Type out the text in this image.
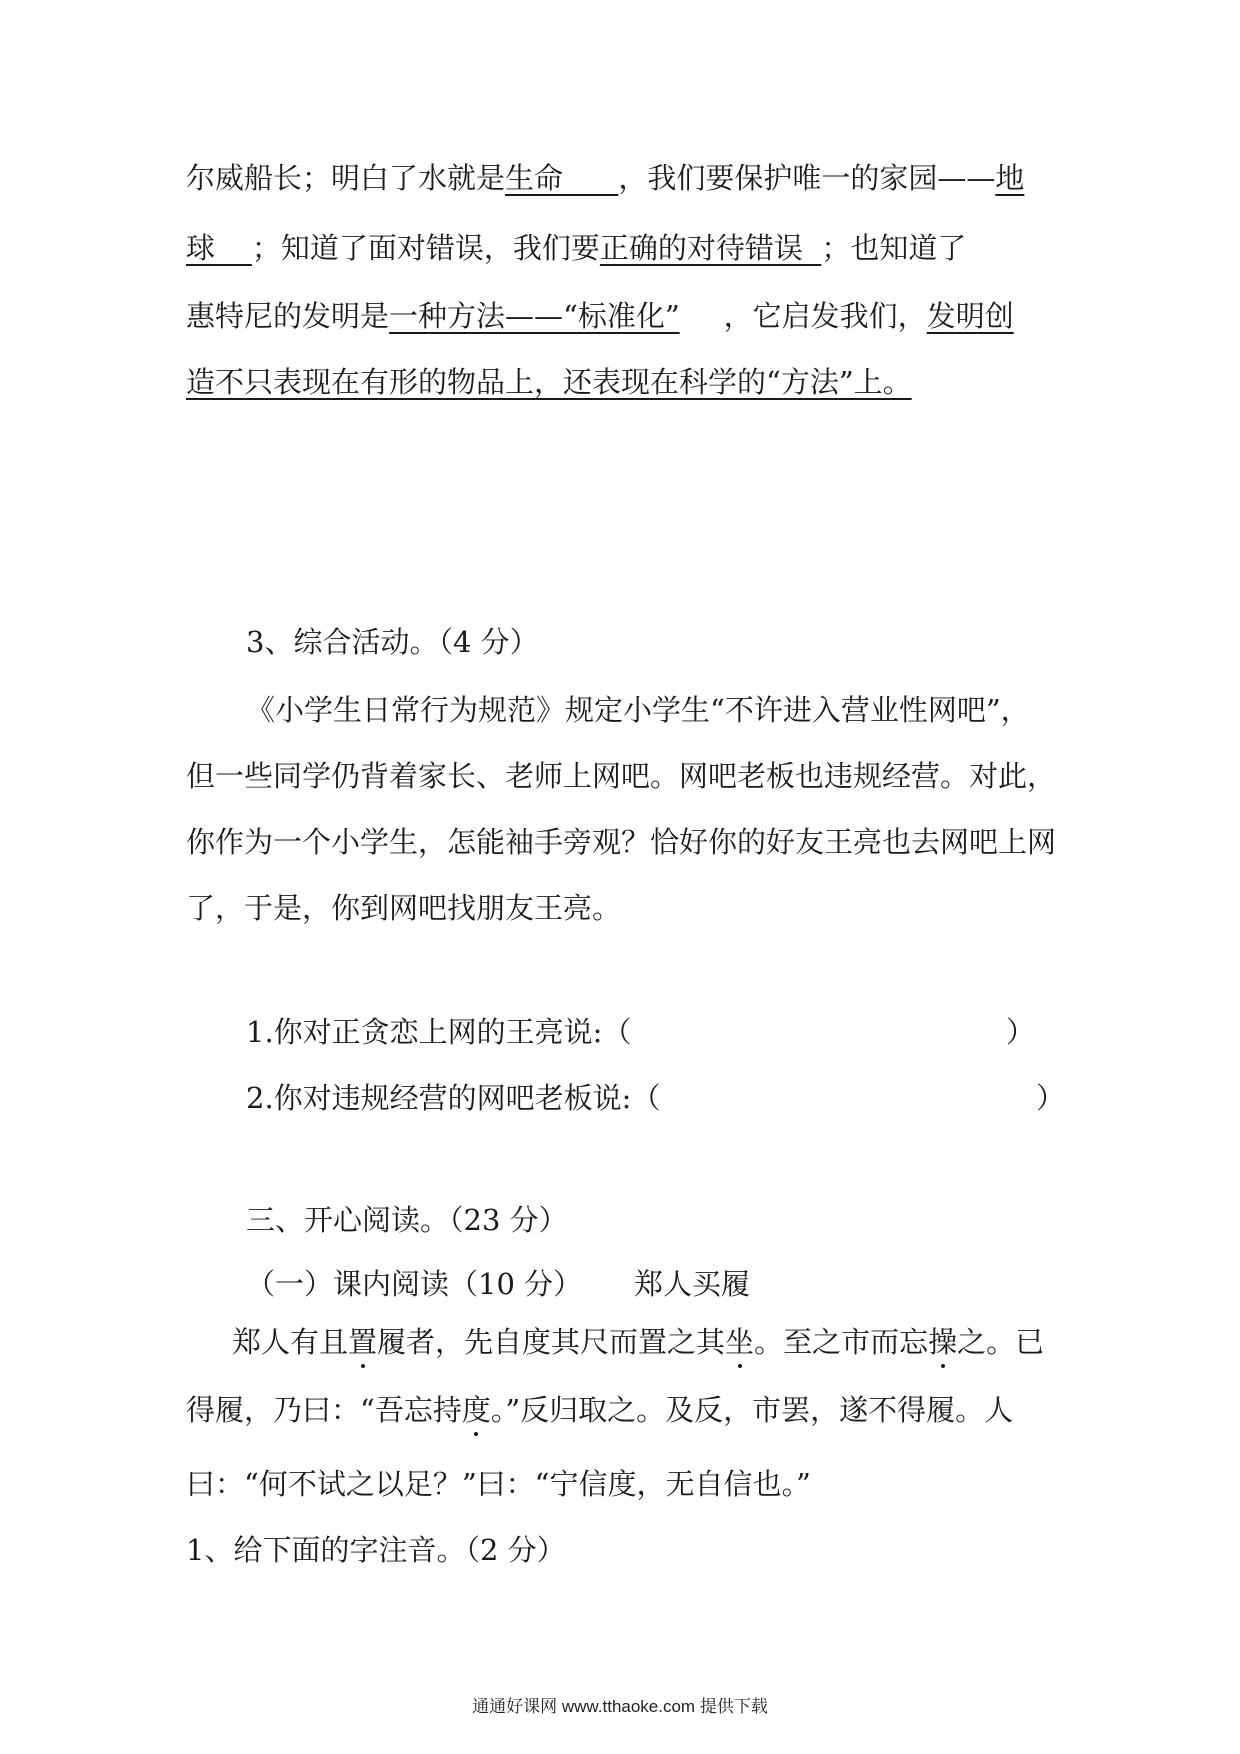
尔威船长；明白了水就是生命      ，我们要保护唯一的家园——地
球    ；知道了面对错误，我们要正确的对待错误  ；也知道了
惠特尼的发明是一种方法——“标准化” ，它启发我们，发明创
造不只表现在有形的物品上，还表现在科学的“方法”上。
3、综合活动。（4 分）
《小学生日常行为规范》规定小学生“不许进入营业性网吧”，
但一些同学仍背着家长、老师上网吧。网吧老板也违规经营。对此，
你作为一个小学生，怎能袖手旁观？恰好你的好友王亮也去网吧上网
了，于是，你到网吧找朋友王亮。
1.你对正贪恋上网的王亮说:（	）
2.你对违规经营的网吧老板说:（	）
三、开心阅读。（23 分）
（一）课内阅读（10 分） 郑人买履
郑人有且置履者，先自度其尺而置之其坐。至之市而忘操之。已
得履，乃曰：“吾忘持度。”反归取之。及反，市罢，遂不得履。人
曰：“何不试之以足？”曰：“宁信度，无自信也。”
1、给下面的字注音。（2 分）
通通好课网 www.tthaoke.com 提供下载
